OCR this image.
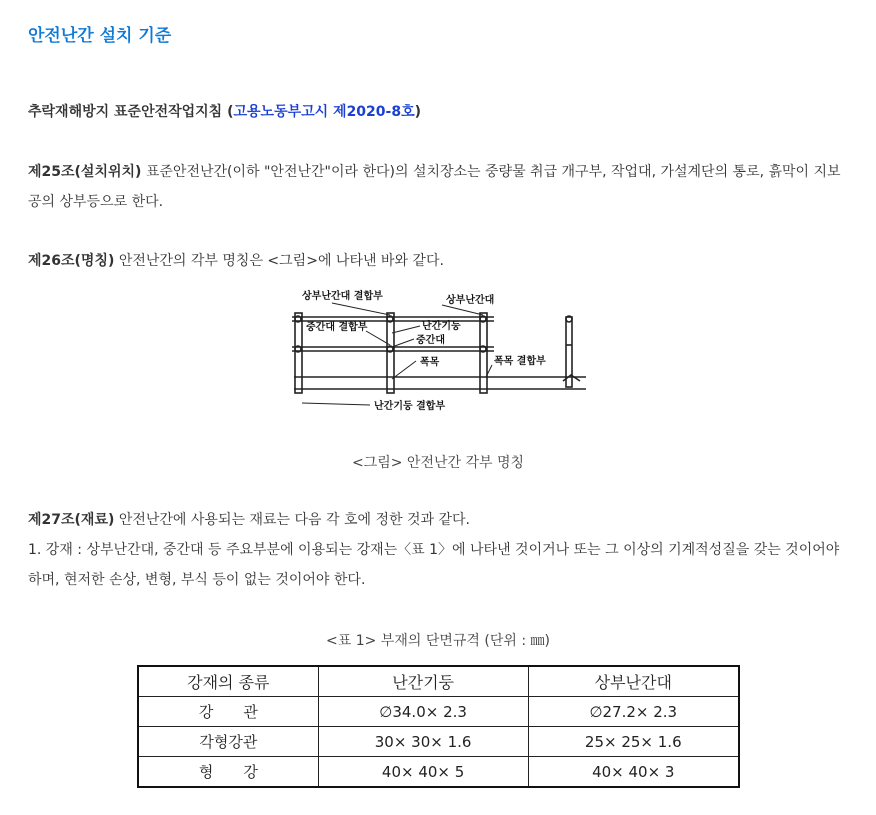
안전난간 설치 기준

추락재해방지 표준안전작업지침 (고용노동부고시 제2020-8호)

제25조(설치위치) 표준안전난간(이하 "안전난간"이라 한다)의 설치장소는 중량물 취급 개구부, 작업대, 가설계단의 통로, 흙막이 지보공의 상부등으로 한다.

제26조(명칭) 안전난간의 각부 명칭은 <그림>에 나타낸 바와 같다.

상부난간대 결합부	상부난간대
중간대 결합부	난간기둥
중간대
폭목	폭목 결합부
난간기둥 결합부

<그림> 안전난간 각부 명칭

제27조(재료) 안전난간에 사용되는 재료는 다음 각 호에 정한 것과 같다.
1. 강재 : 상부난간대, 중간대 등 주요부분에 이용되는 강재는〈표 1〉에 나타낸 것이거나 또는 그 이상의 기계적성질을 갖는 것이어야 하며, 현저한 손상, 변형, 부식 등이 없는 것이어야 한다.

<표 1> 부재의 단면규격 (단위 : ㎜)

강재의 종류	난간기둥	상부난간대
강　　관	∅34.0× 2.3	∅27.2× 2.3
각형강관	30× 30× 1.6	25× 25× 1.6
형　　강	40× 40× 5	40× 40× 3
